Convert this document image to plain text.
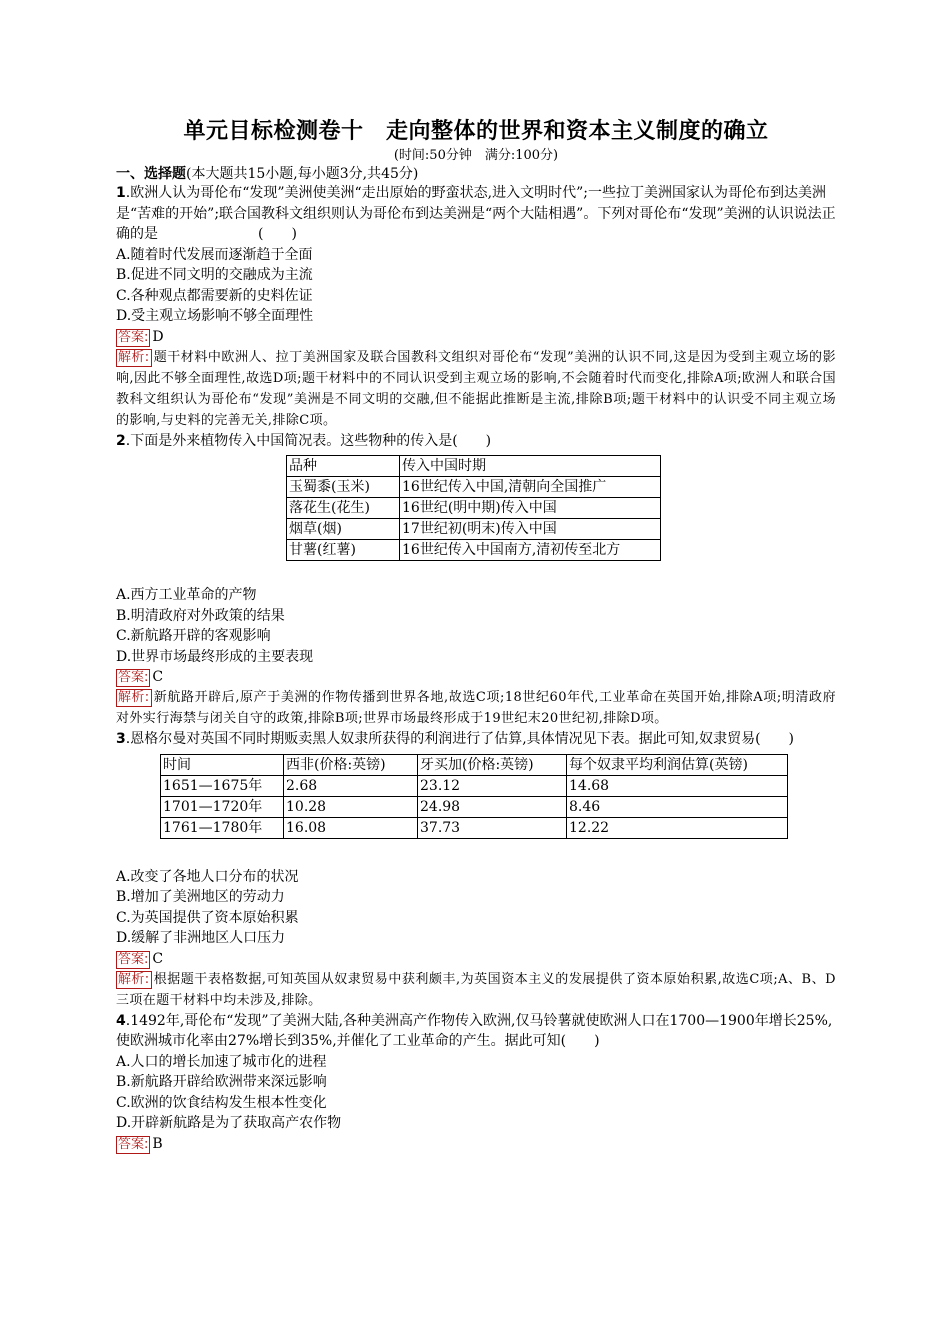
单元目标检测卷十　走向整体的世界和资本主义制度的确立
(时间:50分钟　满分:100分)
一、选择题(本大题共15小题,每小题3分,共45分)
1.欧洲人认为哥伦布“发现”美洲使美洲“走出原始的野蛮状态,进入文明时代”;一些拉丁美洲国家认为哥伦布到达美洲是“苦难的开始”;联合国教科文组织则认为哥伦布到达美洲是“两个大陆相遇”。下列对哥伦布“发现”美洲的认识说法正确的是	(　　)
A.随着时代发展而逐渐趋于全面
B.促进不同文明的交融成为主流
C.各种观点都需要新的史料佐证
D.受主观立场影响不够全面理性
答案: D
解析: 题干材料中欧洲人、拉丁美洲国家及联合国教科文组织对哥伦布“发现”美洲的认识不同,这是因为受到主观立场的影响,因此不够全面理性,故选D项;题干材料中的不同认识受到主观立场的影响,不会随着时代而变化,排除A项;欧洲人和联合国教科文组织认为哥伦布“发现”美洲是不同文明的交融,但不能据此推断是主流,排除B项;题干材料中的认识受不同主观立场的影响,与史料的完善无关,排除C项。
2.下面是外来植物传入中国简况表。这些物种的传入是(　　)
品种	传入中国时期
玉蜀黍(玉米)	16世纪传入中国,清朝向全国推广
落花生(花生)	16世纪(明中期)传入中国
烟草(烟)	17世纪初(明末)传入中国
甘薯(红薯)	16世纪传入中国南方,清初传至北方
A.西方工业革命的产物
B.明清政府对外政策的结果
C.新航路开辟的客观影响
D.世界市场最终形成的主要表现
答案: C
解析: 新航路开辟后,原产于美洲的作物传播到世界各地,故选C项;18世纪60年代,工业革命在英国开始,排除A项;明清政府对外实行海禁与闭关自守的政策,排除B项;世界市场最终形成于19世纪末20世纪初,排除D项。
3.恩格尔曼对英国不同时期贩卖黑人奴隶所获得的利润进行了估算,具体情况见下表。据此可知,奴隶贸易(　　)
时间	西非(价格:英镑)	牙买加(价格:英镑)	每个奴隶平均利润估算(英镑)
1651—1675年	2.68	23.12	14.68
1701—1720年	10.28	24.98	8.46
1761—1780年	16.08	37.73	12.22
A.改变了各地人口分布的状况
B.增加了美洲地区的劳动力
C.为英国提供了资本原始积累
D.缓解了非洲地区人口压力
答案: C
解析: 根据题干表格数据,可知英国从奴隶贸易中获利颇丰,为英国资本主义的发展提供了资本原始积累,故选C项;A、B、D三项在题干材料中均未涉及,排除。
4.1492年,哥伦布“发现”了美洲大陆,各种美洲高产作物传入欧洲,仅马铃薯就使欧洲人口在1700—1900年增长25%,使欧洲城市化率由27%增长到35%,并催化了工业革命的产生。据此可知(　　)
A.人口的增长加速了城市化的进程
B.新航路开辟给欧洲带来深远影响
C.欧洲的饮食结构发生根本性变化
D.开辟新航路是为了获取高产农作物
答案: B
